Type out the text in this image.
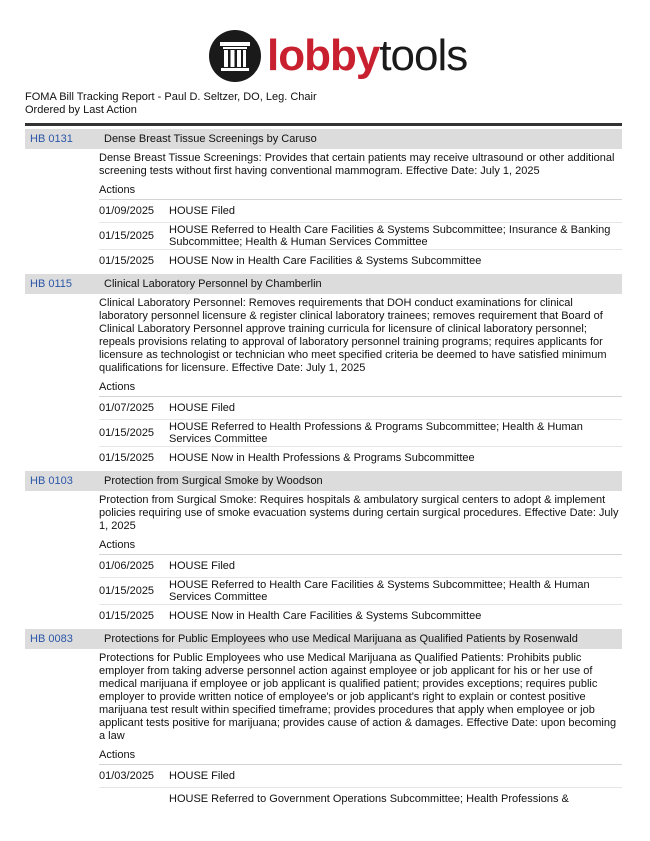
lobby tools
FOMA Bill Tracking Report - Paul D. Seltzer, DO, Leg. Chair
Ordered by Last Action
HB 0131	Dense Breast Tissue Screenings by Caruso
Dense Breast Tissue Screenings: Provides that certain patients may receive ultrasound or other additional screening tests without first having conventional mammogram. Effective Date: July 1, 2025
Actions
01/09/2025	HOUSE Filed
01/15/2025	HOUSE Referred to Health Care Facilities & Systems Subcommittee; Insurance & Banking Subcommittee; Health & Human Services Committee
01/15/2025	HOUSE Now in Health Care Facilities & Systems Subcommittee
HB 0115	Clinical Laboratory Personnel by Chamberlin
Clinical Laboratory Personnel: Removes requirements that DOH conduct examinations for clinical laboratory personnel licensure & register clinical laboratory trainees; removes requirement that Board of Clinical Laboratory Personnel approve training curricula for licensure of clinical laboratory personnel; repeals provisions relating to approval of laboratory personnel training programs; requires applicants for licensure as technologist or technician who meet specified criteria be deemed to have satisfied minimum qualifications for licensure. Effective Date: July 1, 2025
Actions
01/07/2025	HOUSE Filed
01/15/2025	HOUSE Referred to Health Professions & Programs Subcommittee; Health & Human Services Committee
01/15/2025	HOUSE Now in Health Professions & Programs Subcommittee
HB 0103	Protection from Surgical Smoke by Woodson
Protection from Surgical Smoke: Requires hospitals & ambulatory surgical centers to adopt & implement policies requiring use of smoke evacuation systems during certain surgical procedures. Effective Date: July 1, 2025
Actions
01/06/2025	HOUSE Filed
01/15/2025	HOUSE Referred to Health Care Facilities & Systems Subcommittee; Health & Human Services Committee
01/15/2025	HOUSE Now in Health Care Facilities & Systems Subcommittee
HB 0083	Protections for Public Employees who use Medical Marijuana as Qualified Patients by Rosenwald
Protections for Public Employees who use Medical Marijuana as Qualified Patients: Prohibits public employer from taking adverse personnel action against employee or job applicant for his or her use of medical marijuana if employee or job applicant is qualified patient; provides exceptions; requires public employer to provide written notice of employee's or job applicant's right to explain or contest positive marijuana test result within specified timeframe; provides procedures that apply when employee or job applicant tests positive for marijuana; provides cause of action & damages. Effective Date: upon becoming a law
Actions
01/03/2025	HOUSE Filed
HOUSE Referred to Government Operations Subcommittee; Health Professions &
